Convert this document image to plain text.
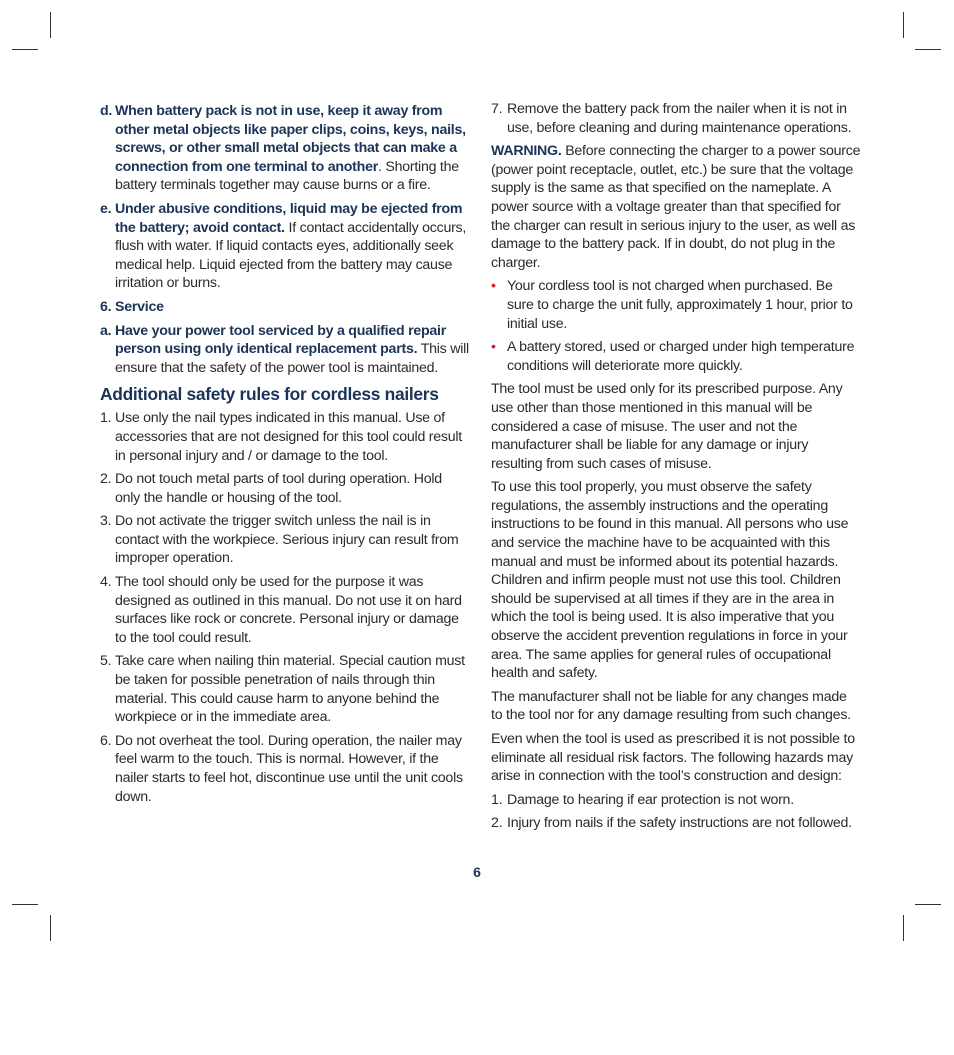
d. When battery pack is not in use, keep it away from other metal objects like paper clips, coins, keys, nails, screws, or other small metal objects that can make a connection from one terminal to another. Shorting the battery terminals together may cause burns or a fire.
e. Under abusive conditions, liquid may be ejected from the battery; avoid contact. If contact accidentally occurs, flush with water. If liquid contacts eyes, additionally seek medical help. Liquid ejected from the battery may cause irritation or burns.
6. Service
a. Have your power tool serviced by a qualified repair person using only identical replacement parts. This will ensure that the safety of the power tool is maintained.
Additional safety rules for cordless nailers
1. Use only the nail types indicated in this manual. Use of accessories that are not designed for this tool could result in personal injury and / or damage to the tool.
2. Do not touch metal parts of tool during operation. Hold only the handle or housing of the tool.
3. Do not activate the trigger switch unless the nail is in contact with the workpiece. Serious injury can result from improper operation.
4. The tool should only be used for the purpose it was designed as outlined in this manual. Do not use it on hard surfaces like rock or concrete. Personal injury or damage to the tool could result.
5. Take care when nailing thin material. Special caution must be taken for possible penetration of nails through thin material. This could cause harm to anyone behind the workpiece or in the immediate area.
6. Do not overheat the tool. During operation, the nailer may feel warm to the touch. This is normal. However, if the nailer starts to feel hot, discontinue use until the unit cools down.
7. Remove the battery pack from the nailer when it is not in use, before cleaning and during maintenance operations.

WARNING. Before connecting the charger to a power source (power point receptacle, outlet, etc.) be sure that the voltage supply is the same as that specified on the nameplate. A power source with a voltage greater than that specified for the charger can result in serious injury to the user, as well as damage to the battery pack. If in doubt, do not plug in the charger.

• Your cordless tool is not charged when purchased. Be sure to charge the unit fully, approximately 1 hour, prior to initial use.
• A battery stored, used or charged under high temperature conditions will deteriorate more quickly.

The tool must be used only for its prescribed purpose. Any use other than those mentioned in this manual will be considered a case of misuse. The user and not the manufacturer shall be liable for any damage or injury resulting from such cases of misuse.

To use this tool properly, you must observe the safety regulations, the assembly instructions and the operating instructions to be found in this manual. All persons who use and service the machine have to be acquainted with this manual and must be informed about its potential hazards. Children and infirm people must not use this tool. Children should be supervised at all times if they are in the area in which the tool is being used. It is also imperative that you observe the accident prevention regulations in force in your area. The same applies for general rules of occupational health and safety.

The manufacturer shall not be liable for any changes made to the tool nor for any damage resulting from such changes.

Even when the tool is used as prescribed it is not possible to eliminate all residual risk factors. The following hazards may arise in connection with the tool’s construction and design:

1. Damage to hearing if ear protection is not worn.
2. Injury from nails if the safety instructions are not followed.
6
